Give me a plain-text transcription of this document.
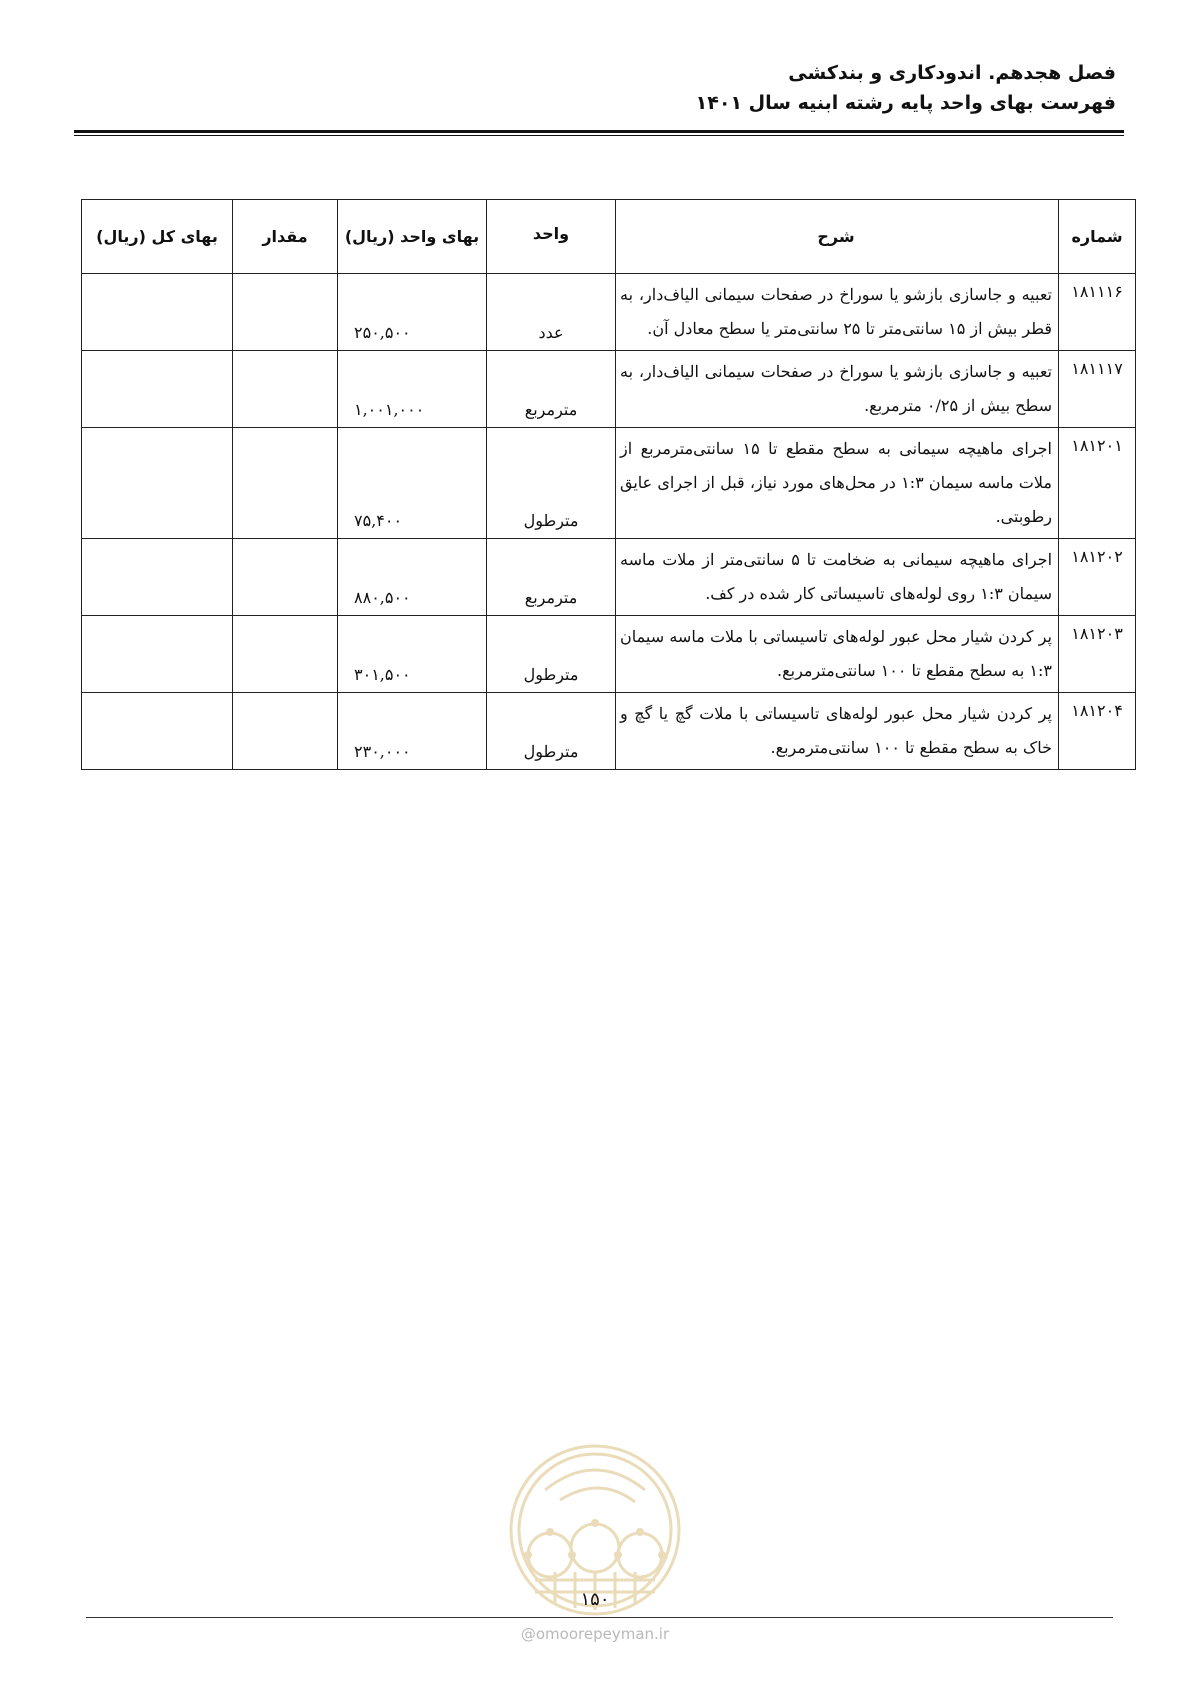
فصل هجدهم. اندودکاری و بندکشی
فهرست بهای واحد پایه رشته ابنیه سال ۱۴۰۱
شماره	شرح	واحد	بهای واحد (ریال)	مقدار	بهای کل (ریال)
۱۸۱۱۱۶	تعبیه و جاسازی بازشو یا سوراخ در صفحات سیمانی الیاف‌دار، به قطر بیش از ۱۵ سانتی‌متر تا ۲۵ سانتی‌متر یا سطح معادل آن.	عدد	۲۵۰,۵۰۰		
۱۸۱۱۱۷	تعبیه و جاسازی بازشو یا سوراخ در صفحات سیمانی الیاف‌دار، به سطح بیش از ۰/۲۵ مترمربع.	مترمربع	۱,۰۰۱,۰۰۰		
۱۸۱۲۰۱	اجرای ماهیچه سیمانی به سطح مقطع تا ۱۵ سانتی‌مترمربع از ملات ماسه سیمان ۱:۳ در محل‌های مورد نیاز، قبل از اجرای عایق رطوبتی.	مترطول	۷۵,۴۰۰		
۱۸۱۲۰۲	اجرای ماهیچه سیمانی به ضخامت تا ۵ سانتی‌متر از ملات ماسه سیمان ۱:۳ روی لوله‌های تاسیساتی کار شده در کف.	مترمربع	۸۸۰,۵۰۰		
۱۸۱۲۰۳	پر کردن شیار محل عبور لوله‌های تاسیساتی با ملات ماسه سیمان ۱:۳ به سطح مقطع تا ۱۰۰ سانتی‌مترمربع.	مترطول	۳۰۱,۵۰۰		
۱۸۱۲۰۴	پر کردن شیار محل عبور لوله‌های تاسیساتی با ملات گچ یا گچ و خاک به سطح مقطع تا ۱۰۰ سانتی‌مترمربع.	مترطول	۲۳۰,۰۰۰		
۱۵۰
@omoorepeyman.ir
